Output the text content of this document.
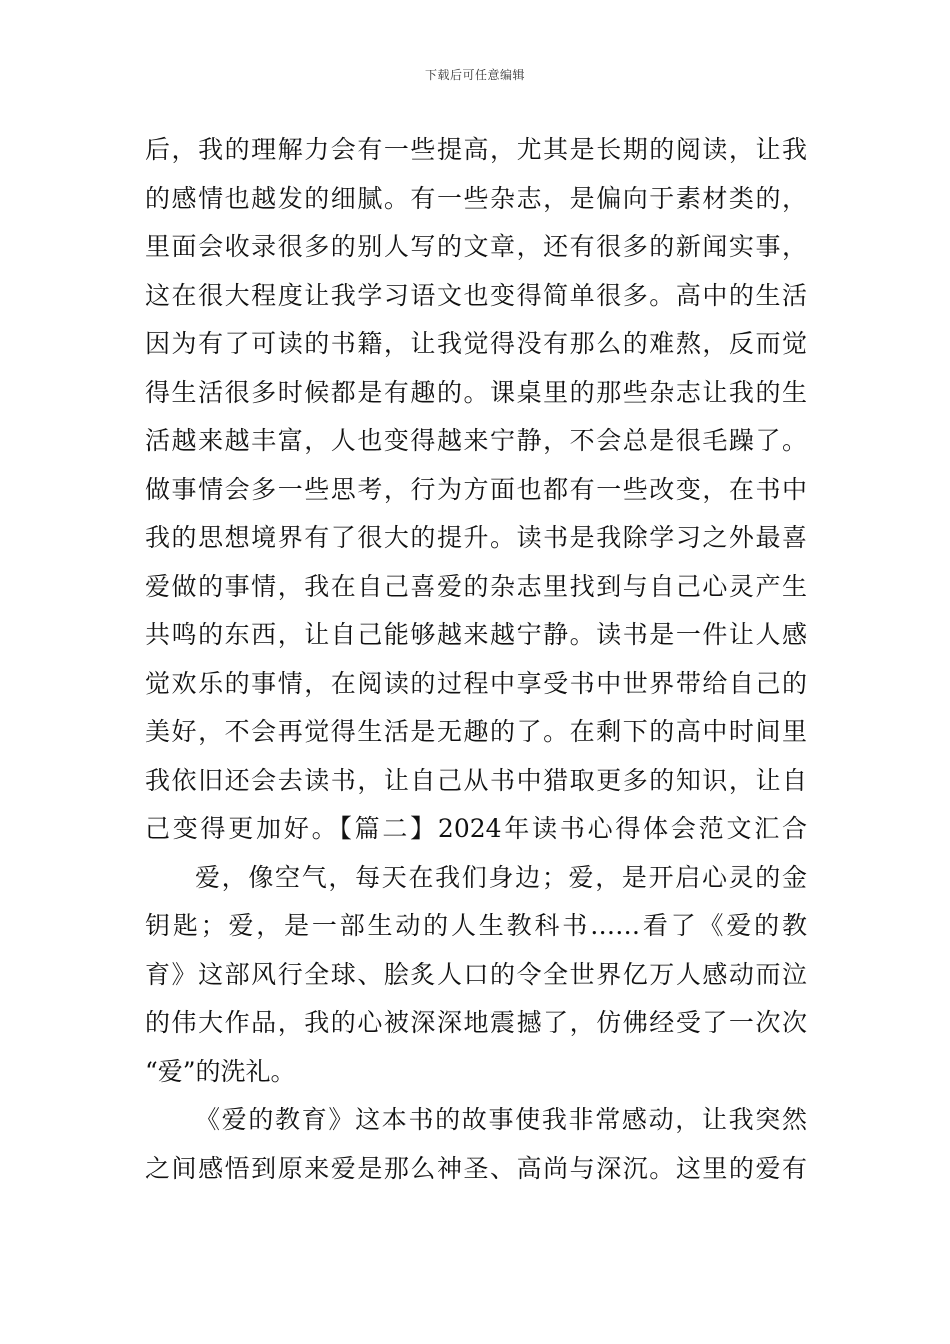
下载后可任意编辑
后，我的理解力会有一些提高，尤其是长期的阅读，让我
的感情也越发的细腻。有一些杂志，是偏向于素材类的，
里面会收录很多的别人写的文章，还有很多的新闻实事，
这在很大程度让我学习语文也变得简单很多。高中的生活
因为有了可读的书籍，让我觉得没有那么的难熬，反而觉
得生活很多时候都是有趣的。课桌里的那些杂志让我的生
活越来越丰富，人也变得越来宁静，不会总是很毛躁了。
做事情会多一些思考，行为方面也都有一些改变，在书中
我的思想境界有了很大的提升。读书是我除学习之外最喜
爱做的事情，我在自己喜爱的杂志里找到与自己心灵产生
共鸣的东西，让自己能够越来越宁静。读书是一件让人感
觉欢乐的事情，在阅读的过程中享受书中世界带给自己的
美好，不会再觉得生活是无趣的了。在剩下的高中时间里
我依旧还会去读书，让自己从书中猎取更多的知识，让自
己变得更加好。【篇二】2024年读书心得体会范文汇合
爱，像空气，每天在我们身边；爱，是开启心灵的金
钥匙；爱，是一部生动的人生教科书……看了《爱的教
育》这部风行全球、脍炙人口的令全世界亿万人感动而泣
的伟大作品，我的心被深深地震撼了，仿佛经受了一次次
“爱”的洗礼。
《爱的教育》这本书的故事使我非常感动，让我突然
之间感悟到原来爱是那么神圣、高尚与深沉。这里的爱有
